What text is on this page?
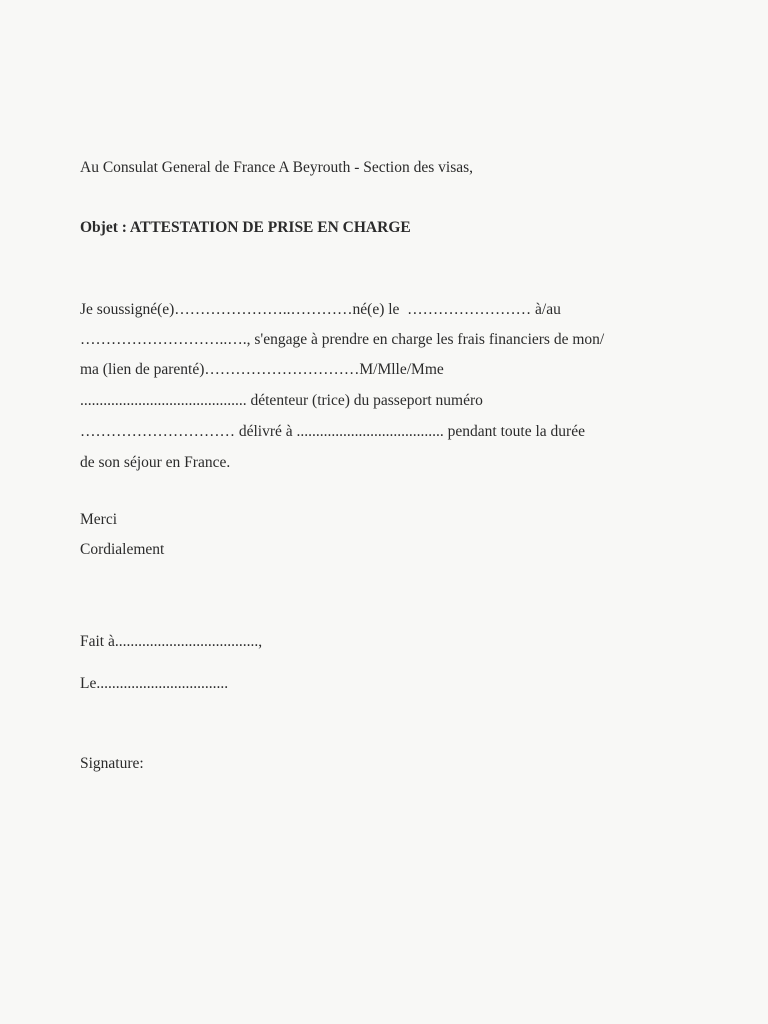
Au Consulat General de France A Beyrouth - Section des visas,
Objet : ATTESTATION DE PRISE EN CHARGE
Je soussigné(e)…………………..…………né(e) le  …………………… à/au
………………………..…., s'engage à prendre en charge les frais financiers de mon/
ma (lien de parenté)…………………………M/Mlle/Mme
........................................... détenteur (trice) du passeport numéro
………………………… délivré à ...................................... pendant toute la durée
de son séjour en France.
Merci
Cordialement
Fait à.....................................,
Le..................................
Signature:
